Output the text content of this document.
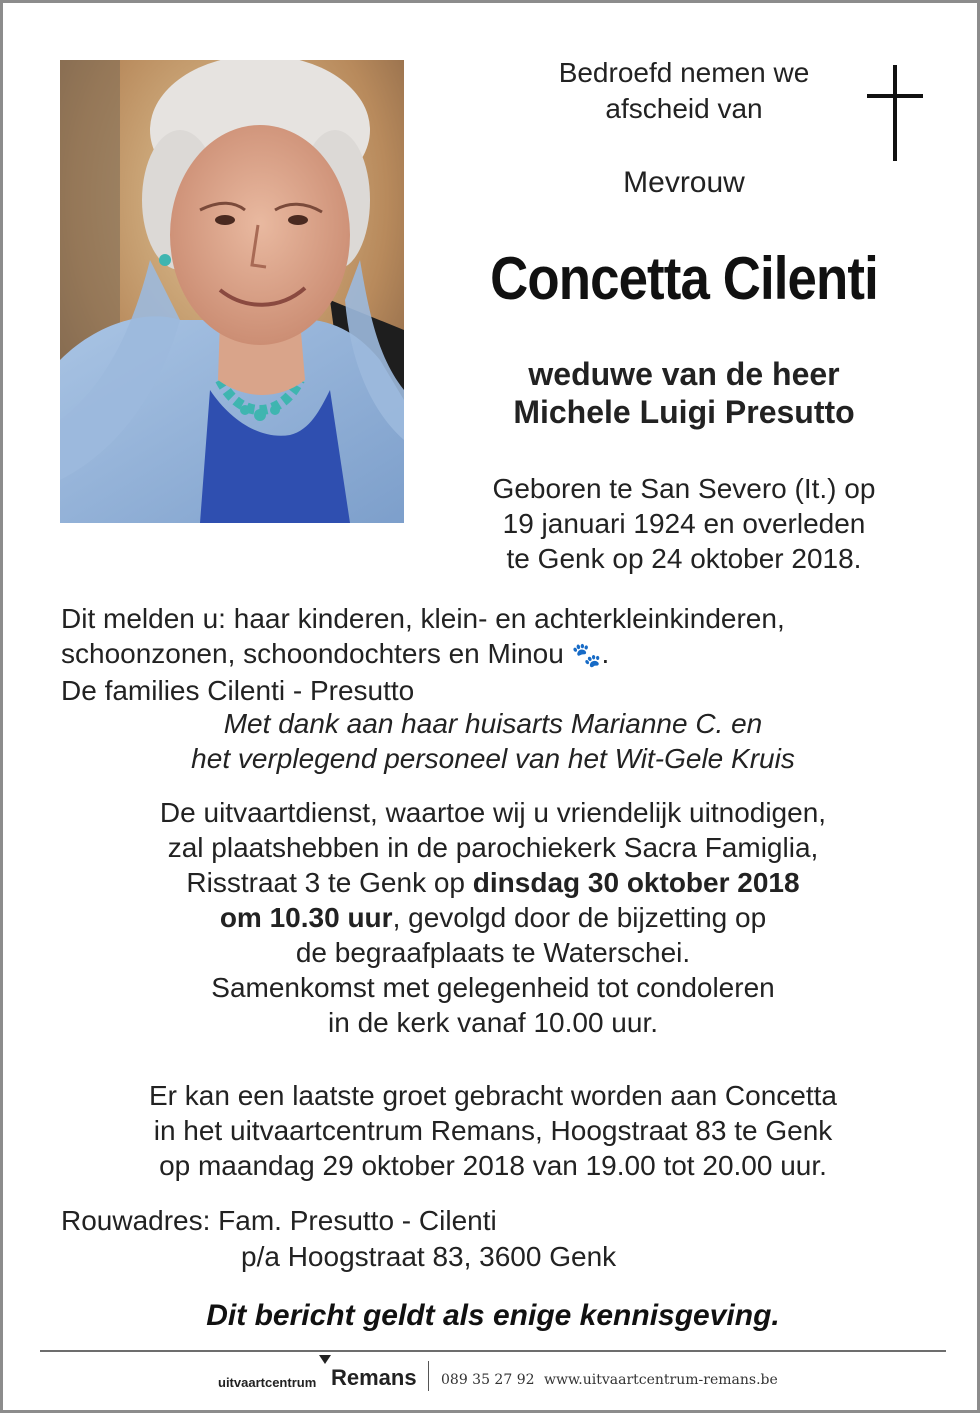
Bedroefd nemen we
afscheid van
Mevrouw
Concetta Cilenti
weduwe van de heer
Michele Luigi Presutto
Geboren te San Severo (It.) op
19 januari 1924 en overleden
te Genk op 24 oktober 2018.
Dit melden u: haar kinderen, klein- en achterkleinkinderen,
schoonzonen, schoondochters en Minou 🐾.
De families Cilenti - Presutto
Met dank aan haar huisarts Marianne C. en
het verplegend personeel van het Wit-Gele Kruis
De uitvaartdienst, waartoe wij u vriendelijk uitnodigen,
zal plaatshebben in de parochiekerk Sacra Famiglia,
Risstraat 3 te Genk op dinsdag 30 oktober 2018
om 10.30 uur, gevolgd door de bijzetting op
de begraafplaats te Waterschei.
Samenkomst met gelegenheid tot condoleren
in de kerk vanaf 10.00 uur.
Er kan een laatste groet gebracht worden aan Concetta
in het uitvaartcentrum Remans, Hoogstraat 83 te Genk
op maandag 29 oktober 2018 van 19.00 tot 20.00 uur.
Rouwadres: Fam. Presutto - Cilenti
p/a Hoogstraat 83, 3600 Genk
Dit bericht geldt als enige kennisgeving.
uitvaartcentrum Remans 089 35 27 92 www.uitvaartcentrum-remans.be
